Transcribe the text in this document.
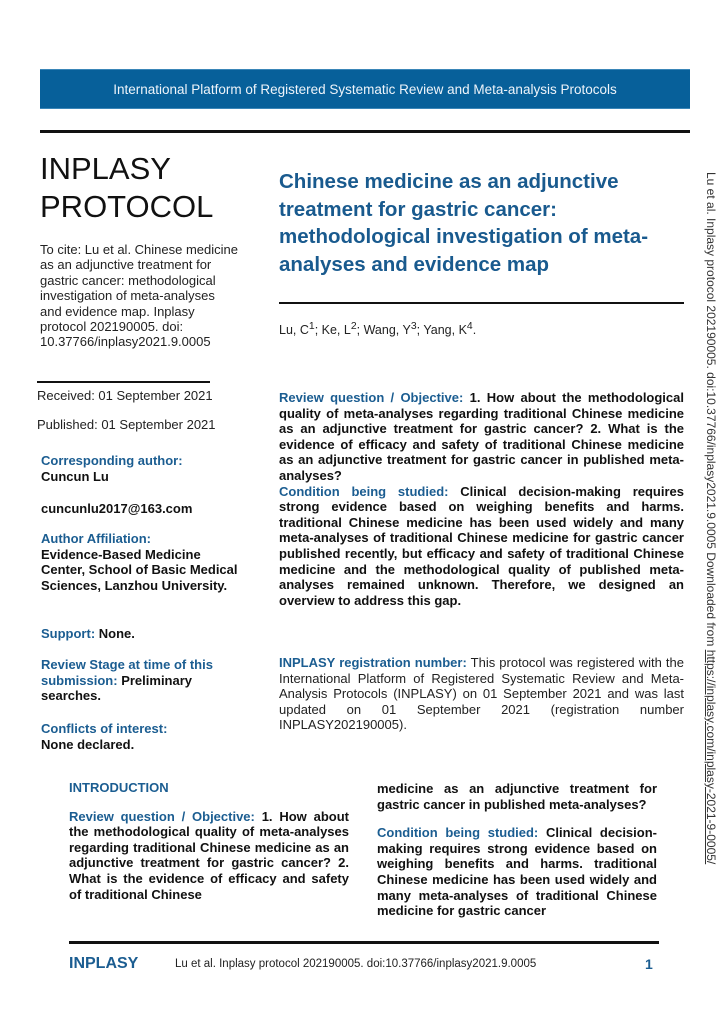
International Platform of Registered Systematic Review and Meta-analysis Protocols
INPLASY
PROTOCOL
To cite: Lu et al. Chinese medicine as an adjunctive treatment for gastric cancer: methodological investigation of meta-analyses and evidence map. Inplasy protocol 202190005. doi: 10.37766/inplasy2021.9.0005
Received: 01 September 2021
Published: 01 September 2021
Corresponding author:
Cuncun Lu
cuncunlu2017@163.com
Author Affiliation:
Evidence-Based Medicine Center, School of Basic Medical Sciences, Lanzhou University.
Support: None.
Review Stage at time of this submission: Preliminary searches.
Conflicts of interest:
None declared.
Chinese medicine as an adjunctive treatment for gastric cancer: methodological investigation of meta-analyses and evidence map
Lu, $C^1$; Ke, $L^2$; Wang, $Y^3$; Yang, $K^4$.
Review question / Objective: 1. How about the methodological quality of meta-analyses regarding traditional Chinese medicine as an adjunctive treatment for gastric cancer? 2. What is the evidence of efficacy and safety of traditional Chinese medicine as an adjunctive treatment for gastric cancer in published meta-analyses?
Condition being studied: Clinical decision-making requires strong evidence based on weighing benefits and harms. traditional Chinese medicine has been used widely and many meta-analyses of traditional Chinese medicine for gastric cancer published recently, but efficacy and safety of traditional Chinese medicine and the methodological quality of published meta-analyses remained unknown. Therefore, we designed an overview to address this gap.
INPLASY registration number: This protocol was registered with the International Platform of Registered Systematic Review and Meta-Analysis Protocols (INPLASY) on 01 September 2021 and was last updated on 01 September 2021 (registration number INPLASY202190005).
INTRODUCTION

Review question / Objective: 1. How about the methodological quality of meta-analyses regarding traditional Chinese medicine as an adjunctive treatment for gastric cancer? 2. What is the evidence of efficacy and safety of traditional Chinese

medicine as an adjunctive treatment for gastric cancer in published meta-analyses?

Condition being studied: Clinical decision-making requires strong evidence based on weighing benefits and harms. traditional Chinese medicine has been used widely and many meta-analyses of traditional Chinese medicine for gastric cancer

INPLASY	Lu et al. Inplasy protocol 202190005. doi:10.37766/inplasy2021.9.0005	1
Lu et al. Inplasy protocol 202190005. doi:10.37766/inplasy2021.9.0005 Downloaded from https://inplasy.com/inplasy-2021-9-0005/
